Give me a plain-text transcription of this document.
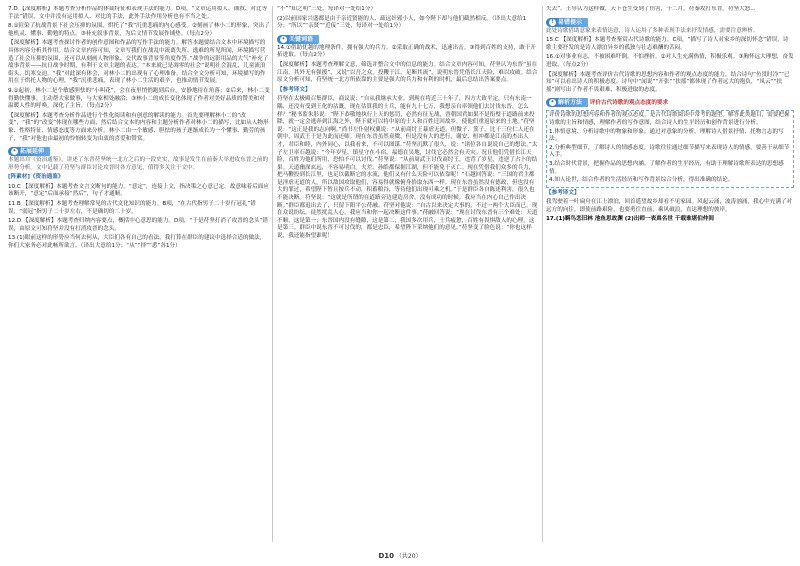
7.D 【深度解析】本题考查分析作品的体裁特征和表现手法的能力。D项，“文章运用拟人、铺叙、对比等手法”错误，文中并没有运用拟人、对比的手法，此外手法作用分析也有不当之处。

8.①渲染了抗战背景下社会压抑的氛围，烘托了“我”沉重悲痛的内心感受。②刻画了林小二的形象，突出了他机灵、懂事、勤勉的特点。③补充叙事背景，为后文情节发展作铺垫。（每点2分）

【深度解析】本题考查探讨作者的创作意图和作品的写作手法的能力。解答本题要结合文本中环境描写的具体内容分析其作用。结合文章内容可知，文章写我们在战乱中流离失所、逃难的所见所闻，环境描写营造了社会压抑的氛围，还可以从刻画人物形象、交代故事背景等角度作答。”战争的远影用品的大气”补充了故事背景——抗日战争时期，有利于文章主题的表达。“本来就已是凋零的社会”说明社会混乱，儿童流浪街头，饥寒交迫，“我”对此深有体会，对林小二的出现有了心理准备。结合全文分析可知，环境描写的作用在于烘托人物的心理，“我”沉重悲痛，表现了林小二生活的艰辛，也推动情节发展。

9.①起初，林小二是个敏感胆怯的“小叫花”，会在夜里悄悄跑到后台，安静地待在角落；②后来，林小二变得勤快懂事，主动帮大家做事，与大家相处融洽；③林小二的成长变化体现了作者对美好品质的赞美和对温暖人性的呼唤，深化了主旨。（每点2分）

【深度解析】本题考查分析作品进行个性化阅读和有创意的解读的能力。首先要理解林小二的“改变”，“我”的“改变”体现在哪些方面，然后结合文本的内容和主题分析作者对林小二的描写，比如从人物形象、性格特征、情感态度等方面来分析。林小二由一个敏感、胆怯的孩子逐渐成长为一个懂事、勤劳的孩子，“我”对他也由最初的怜悯转变为由衷的喜爱和赞赏。

✦ 拓展延伸

本题出自《资治通鉴》，讲述了东晋苻坚统一北方之后的一段史实，故事是发生在前秦大举进攻东晋之前的形势分析。文中记载了苻坚与群臣讨论攻晋时各方意见，值得多关注于文中。

[阵素材]《资治通鉴》

10.C 【深度解析】本题考查文言文断句的能力。“意定”，连接上文，指决策之心意已定，故意味着后面应该断开，“意定”后面承接“然后”，句子才通顺。

11.B 【深度解析】本题考查理解常见的古代文化知识的能力。B项，“在古代指男子二十岁行冠礼”错误，“弱冠”指男子二十岁左右，不是确切的二十岁。

12.D 【深度解析】本题考查归纳内容要点，概括中心意思的能力。D项，“于是苻坚打消了攻晋的念头”错误，由原文可知苻坚并没有打消攻晋的念头。

13.(1)眼前这样的形势应当何去何从，大臣们各有自己的看法，我打算在群臣的建议中选择合适的做法，你们大家务必对此畅所欲言。（译出大意给1分；“从”“择”“悉”各1分）

“不”“知之明”三处，每译对一处给1分）

(2)以前国家兴盛都是由于亲近贤能的人、疏远奸邪小人，如今陛下却与他们截然相反。（译出大意给1分；“所以”“亲贤”“近侫”三处，每译对一处给1分）

✦ 关键词语

14.①借助优越的地理条件，拥有强大的兵力。②采取正确的战术，迅速出击。③得到百姓的支持，敢于开拓进取。（每点2分）

【深度解析】本题考查理解文意，筛选并整合文中的信息的能力。结合文章内容可知，苻坚认为东晋“虽在江南，其外无有强援”，又说“以吾之众，投鞭于江，足断其流”，说明东晋凭借长江天险，难以攻破。结合原文分析可知，苻坚统一北方所依靠的主要是强大的兵力和有利的时机，最后总结出答案要点。

【参考译文】

苻坚在太极殿召集群臣，商议说：“自从我继承大业，到现在将近三十年了，四方大致平定，只有东南一隅，还没有受到王化的沾溉。现在估算我的士兵，能有九十七万，我想亲自率领他们去讨伐东晋，怎么样？”秘书监朱肜说：“陛下恭敬地执行上天的惩罚，必然有征无战，晋朝国君如果不是衔璧于道路前来投降，就一定会逃奔到江海之外，陛下就可以将中原的士人和百姓迁回故乡，使他们重返原来的土地。”苻坚说：“这正是我的志向啊。”尚书左仆射权翼说：“从前商纣王暴虐无道，但微子、箕子、比干三位仁人还在朝中，周武王于是为此而还师。现在东晋虽然衰微，但是没有大的恶行，谢安、桓冲都是江南的杰出人才，君臣和睦，内外同心，以我看来，不可以图谋。”苻坚沉默了很久，说：“诸位各自说说自己的想法。”太子左卫率石越说：“今年岁星、镇星守在斗宿，福德在吴地，讨伐它必然会有天灾。况且他们凭借长江天险，百姓为他们所用，恐怕不可以讨伐。”苻坚说：“从前周武王讨伐商纣王，违背了岁星，违逆了占卜的结果。天道幽深玄远，不容易明白。夫差、孙皓都保据江湖，但不能免于灭亡。现在凭借我们众多的兵力，把马鞭投到长江里，也足以截断它的水流，他们又有什么天险可以依靠呢！”石越回答说：“三国的君主都是淫虐无道的人，所以敌国攻取他们，容易得就像俯身拾取东西一样。现在东晋虽然没有德政，但也没有大的罪过，希望陛下暂且按兵不动，积蓄粮谷，等待他们出现可乘之机。”于是群臣各自陈述利害，很久也不能决断。苻坚说：“这就是所谓的在道路旁边建造房舍，没有成功的时候。我应当在内心自己作出决断。”群臣都退出去了，只留下阳平公苻融。苻坚对他说：“自古以来决定大事的，不过一两个大臣而已。现在众说纷纭，徒然扰乱人心，我应当和你一起决断这件事。”苻融回答说：“现在讨伐东晋有三个难处：天道不顺，这是第一；东晋国内没有缝隙，这是第二；我国多次用兵，士兵疲惫，百姓有畏惧敌人的心理，这是第三。群臣中说东晋不可讨伐的，都是忠臣，希望陛下采纳他们的意见。”苻坚变了脸色说：“你也这样说，我还能指望谁呢！

失去”。王导认为这样做，天下苍生受到了伤害，十二月，苻秦攻打东晋。苻坚大怒...

! 易错提示

此处诗歌借助意象来表情达意，诗人运用了多种表现手法来抒发情感，需要注意辨析。

15.C 【深度解析】本题考查鉴赏古代诗歌的能力。C项，“描写了诗人对家乡的深切怀念”错误，诗歌主要抒发的是诗人漂泊异乡的孤独与壮志难酬的苦闷。

16.①对事业有志，不被困难吓倒，不怕挫折。②对人生充满热情，积极乐观。③胸怀远大理想，奋发进取。（每点2分）

【深度解析】本题考查评价古代诗歌的思想内容和作者的观点态度的能力。结合诗句“鱼贯时冷”“已知”可以看出诗人的积极态度，诗句中“闻说”“开张”“扶摇”都体现了作者远大的抱负，“凤云”“扶摇”则写出了作者不畏艰难、积极进取的态度。

✦ 解析方法 评价古代诗歌的观点态度的要求

评价诗歌的思想内容和作者的观点态度，是古代诗歌阅读中常考的题型。解答此类题目，需要把握诗歌的主旨和情感，理解作者的写作意图，结合诗人的生平经历和创作背景进行分析。

1.体悟意境、分析诗歌中的物象和形象。通过对意象的分析，理解诗人借景抒情、托物言志的写法。

2.分析典型细节，了解诗人的情感态度。诗歌往往通过细节描写来表现诗人的情感，要善于从细节入手。

3.结合时代背景，把握作品的思想内涵。了解作者的生平经历，有助于理解诗歌所表达的思想感情。

4.知人论世，结合作者的生活经历和写作背景综合分析，得出准确的结论。

【参考译文】

我驾驶着一叶扁舟在江上漂泊，回首遥望故乡却看不见家园。风起云涌，波涛汹涌，我心中充满了对远方的向往。即使前路艰险，也要勇往直前，乘风破浪，直达理想的彼岸。

17.(1)羁鸟恋旧林 池鱼思故渊 (2)出师一表真名世 千载谁堪伯仲间

D10 （共20）
